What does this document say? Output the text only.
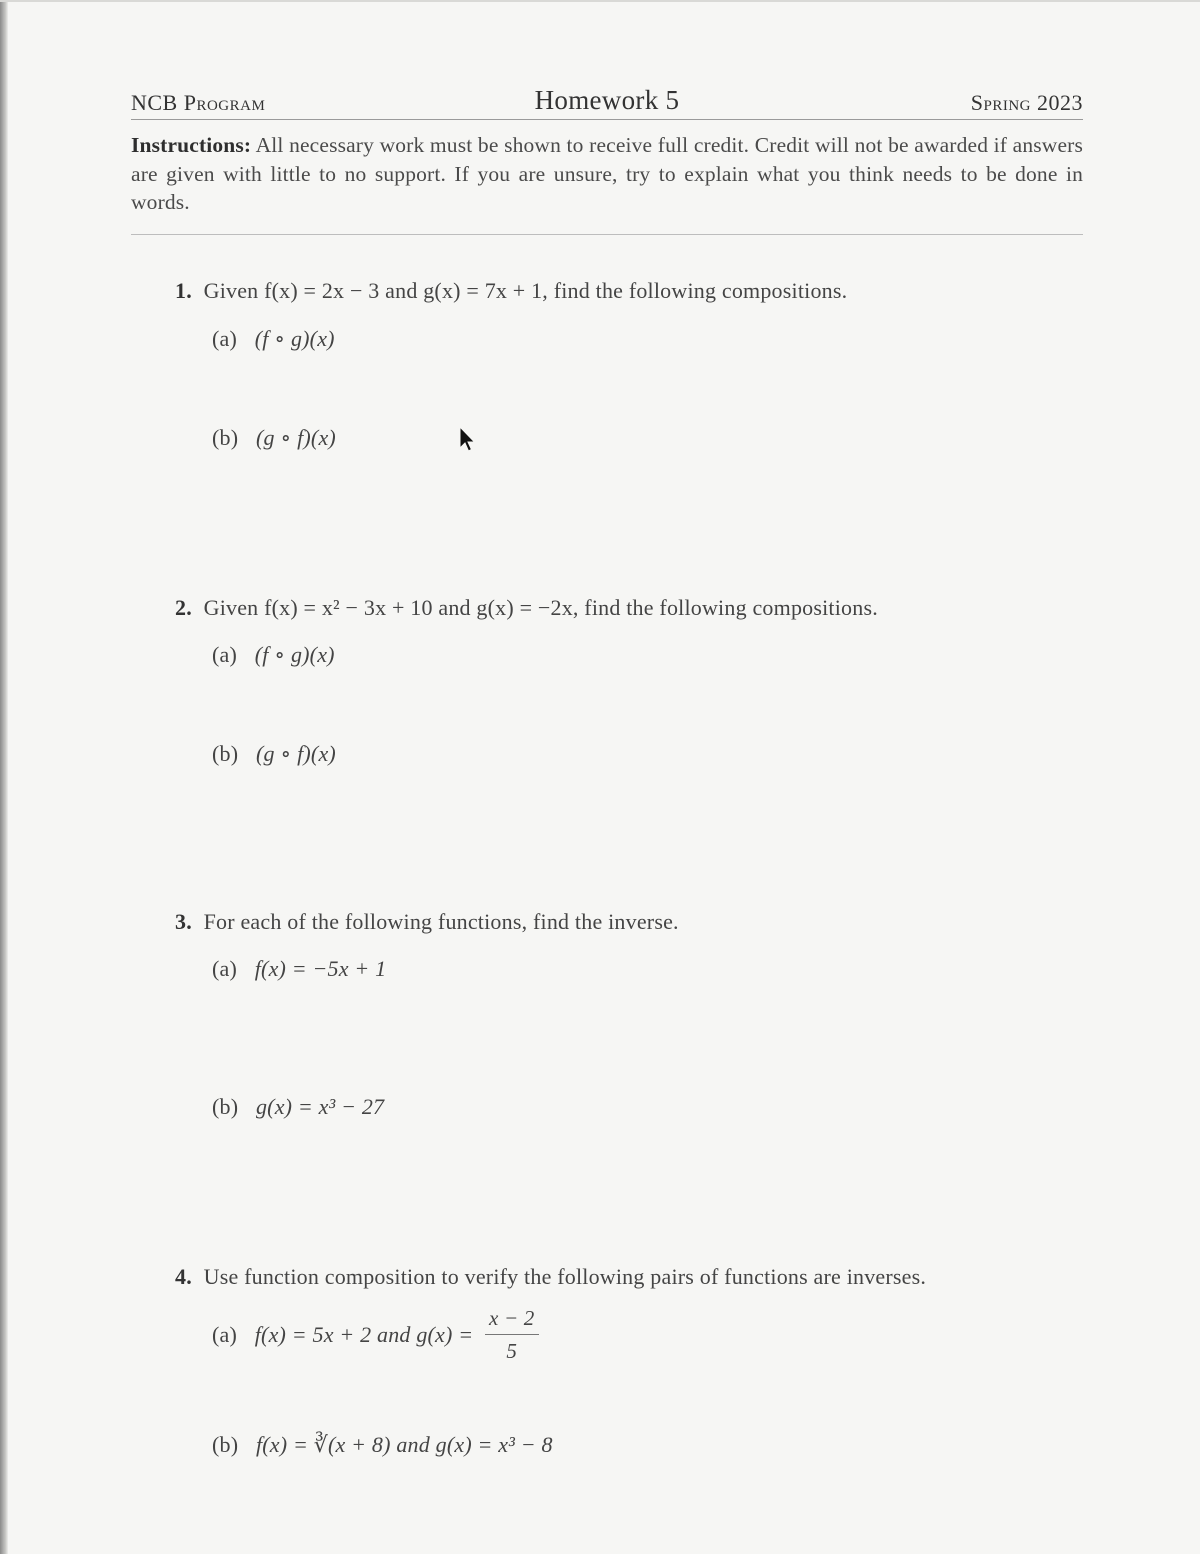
NCB Program	Homework 5	Spring 2023
Instructions: All necessary work must be shown to receive full credit. Credit will not be awarded if answers are given with little to no support. If you are unsure, try to explain what you think needs to be done in words.
1. Given f(x) = 2x − 3 and g(x) = 7x + 1, find the following compositions.
(a) (f ∘ g)(x)
(b) (g ∘ f)(x)
2. Given f(x) = x² − 3x + 10 and g(x) = −2x, find the following compositions.
(a) (f ∘ g)(x)
(b) (g ∘ f)(x)
3. For each of the following functions, find the inverse.
(a) f(x) = −5x + 1
(b) g(x) = x³ − 27
4. Use function composition to verify the following pairs of functions are inverses.
(a) f(x) = 5x + 2 and $g(x) = \frac{x - 2}{5}$
(b) f(x) = ∛(x + 8) and g(x) = x³ − 8
